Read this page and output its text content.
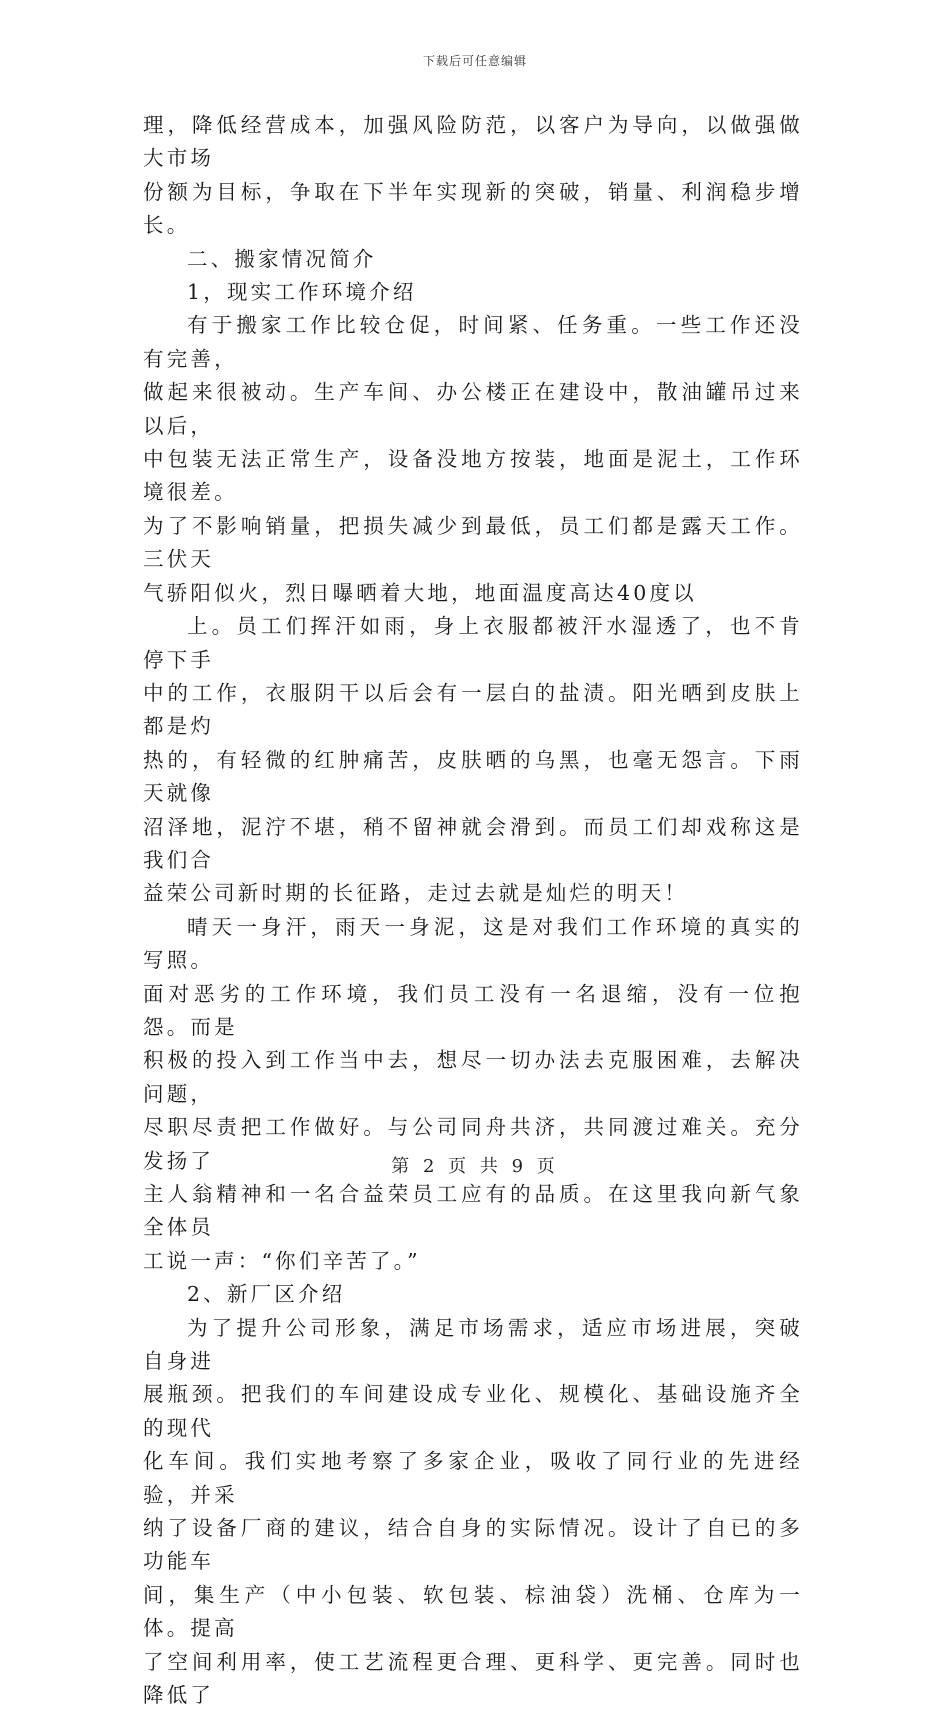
下载后可任意编辑

理，降低经营成本，加强风险防范，以客户为导向，以做强做大市场

份额为目标，争取在下半年实现新的突破，销量、利润稳步增长。

二、搬家情况简介

1，现实工作环境介绍

有于搬家工作比较仓促，时间紧、任务重。一些工作还没有完善，

做起来很被动。生产车间、办公楼正在建设中，散油罐吊过来以后，

中包装无法正常生产，设备没地方按装，地面是泥土，工作环境很差。

为了不影响销量，把损失减少到最低，员工们都是露天工作。三伏天

气骄阳似火，烈日曝晒着大地，地面温度高达40度以

上。员工们挥汗如雨，身上衣服都被汗水湿透了，也不肯停下手

中的工作，衣服阴干以后会有一层白的盐渍。阳光晒到皮肤上都是灼

热的，有轻微的红肿痛苦，皮肤晒的乌黑，也毫无怨言。下雨天就像

沼泽地，泥泞不堪，稍不留神就会滑到。而员工们却戏称这是我们合

益荣公司新时期的长征路，走过去就是灿烂的明天！

晴天一身汗，雨天一身泥，这是对我们工作环境的真实的写照。

面对恶劣的工作环境，我们员工没有一名退缩，没有一位抱怨。而是

积极的投入到工作当中去，想尽一切办法去克服困难，去解决问题，

尽职尽责把工作做好。与公司同舟共济，共同渡过难关。充分发扬了

主人翁精神和一名合益荣员工应有的品质。在这里我向新气象全体员

工说一声：“你们辛苦了。”

2、新厂区介绍

为了提升公司形象，满足市场需求，适应市场进展，突破自身进

展瓶颈。把我们的车间建设成专业化、规模化、基础设施齐全的现代

化车间。我们实地考察了多家企业，吸收了同行业的先进经验，并采

纳了设备厂商的建议，结合自身的实际情况。设计了自已的多功能车

间，集生产（中小包装、软包装、棕油袋）洗桶、仓库为一体。提高

了空间利用率，使工艺流程更合理、更科学、更完善。同时也降低了

第 2 页 共 9 页
